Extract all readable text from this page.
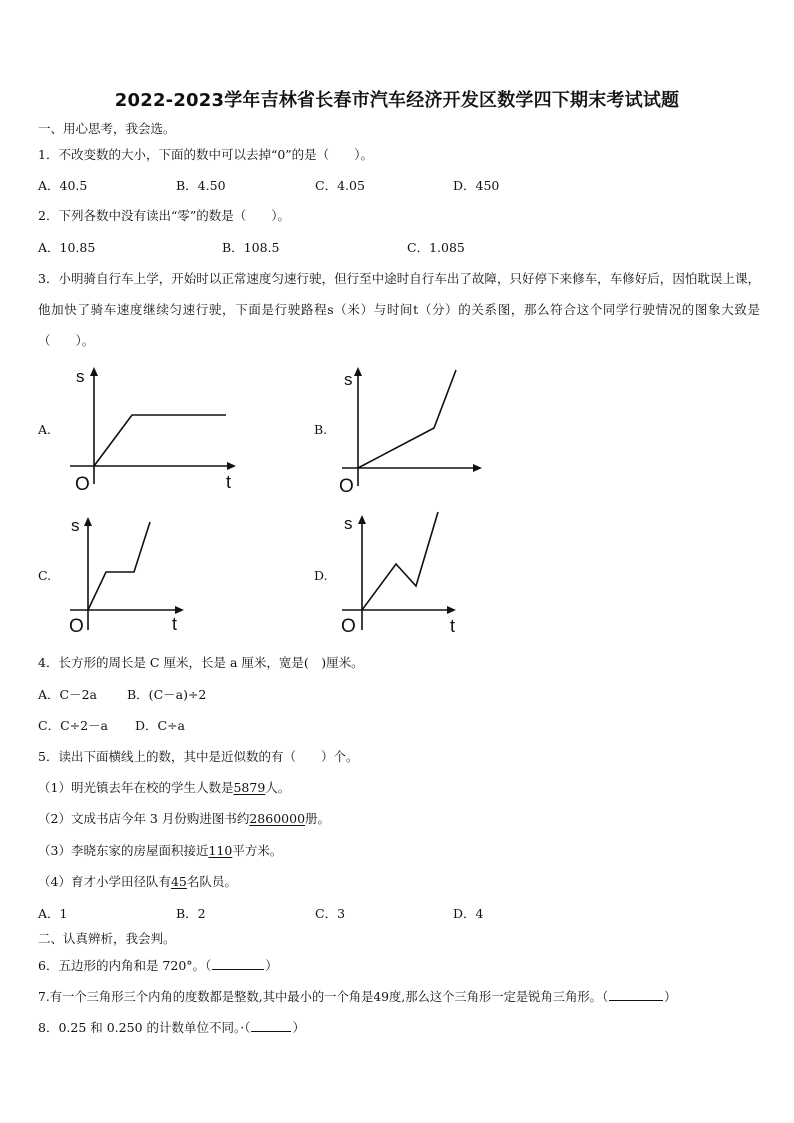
2022-2023学年吉林省长春市汽车经济开发区数学四下期末考试试题
一、用心思考，我会选。
1．不改变数的大小，下面的数中可以去掉“0”的是（　　）。
A．40.5	B．4.50	C．4.05	D．450
2．下列各数中没有读出“零”的数是（　　）。
A．10.85	B．108.5	C．1.085
3．小明骑自行车上学，开始时以正常速度匀速行驶，但行至中途时自行车出了故障，只好停下来修车，车修好后，因怕耽误上课，他加快了骑车速度继续匀速行驶，下面是行驶路程s（米）与时间t（分）的关系图，那么符合这个同学行驶情况的图象大致是（　　）。
A.
s
t
O
B.
s
O
C.
s
t
O
D.
s
t
O
4．长方形的周长是 C 厘米，长是 a 厘米，宽是(　)厘米。
A．C－2a B．(C－a)÷2
C．C÷2－a D．C÷a
5．读出下面横线上的数，其中是近似数的有（　　）个。
（1）明光镇去年在校的学生人数是5879人。
（2）文成书店今年 3 月份购进图书约2860000册。
（3）李晓东家的房屋面积接近110平方米。
（4）育才小学田径队有45名队员。
A．1	B．2	C．3	D．4
二、认真辨析，我会判。
6．五边形的内角和是 720°。（	）
7.有一个三角形三个内角的度数都是整数,其中最小的一个角是49度,那么这个三角形一定是锐角三角形。（	）
8．0.25 和 0.250 的计数单位不同。·（	）
